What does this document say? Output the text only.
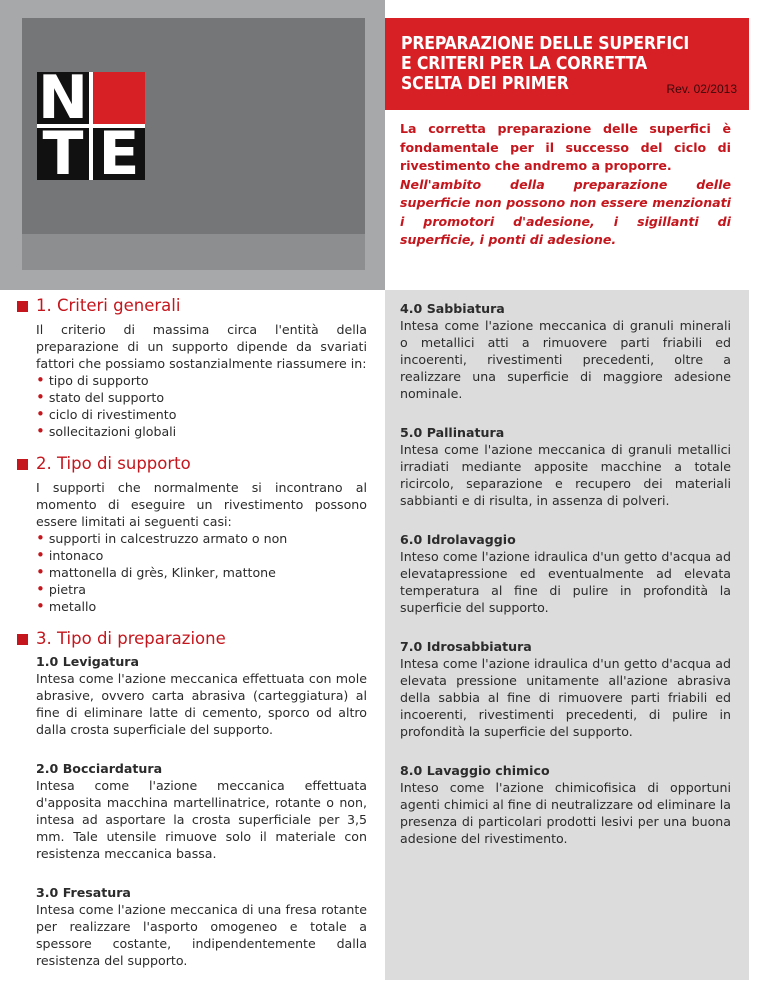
N
T E
PREPARAZIONE DELLE SUPERFICI
E CRITERI PER LA CORRETTA
SCELTA DEI PRIMER	Rev. 02/2013

La corretta preparazione delle superfici è fondamentale per il successo del ciclo di rivestimento che andremo a proporre.

Nell'ambito della preparazione delle superficie non possono non essere menzionati i promotori d'adesione, i sigillanti di superficie, i ponti di adesione.

1. Criteri generali

Il criterio di massima circa l'entità della preparazione di un supporto dipende da svariati fattori che possiamo sostanzialmente riassumere in:

• tipo di supporto
• stato del supporto
• ciclo di rivestimento
• sollecitazioni globali
2. Tipo di supporto

I supporti che normalmente si incontrano al momento di eseguire un rivestimento possono essere limitati ai seguenti casi:

• supporti in calcestruzzo armato o non
• intonaco
• mattonella di grès, Klinker, mattone
• pietra
• metallo
3. Tipo di preparazione
1.0 Levigatura
Intesa come l'azione meccanica effettuata con mole abrasive, ovvero carta abrasiva (carteggiatura) al fine di eliminare latte di cemento, sporco od altro dalla crosta superficiale del supporto.
2.0 Bocciardatura
Intesa come l'azione meccanica effettuata d'apposita macchina martellinatrice, rotante o non, intesa ad asportare la crosta superficiale per 3,5 mm. Tale utensile rimuove solo il materiale con resistenza meccanica bassa.
3.0 Fresatura
Intesa come l'azione meccanica di una fresa rotante per realizzare l'asporto omogeneo e totale a spessore costante, indipendentemente dalla resistenza del supporto.
4.0 Sabbiatura
Intesa come l'azione meccanica di granuli minerali o metallici atti a rimuovere parti friabili ed incoerenti, rivestimenti precedenti, oltre a realizzare una superficie di maggiore adesione nominale.
5.0 Pallinatura
Intesa come l'azione meccanica di granuli metallici irradiati mediante apposite macchine a totale ricircolo, separazione e recupero dei materiali sabbianti e di risulta, in assenza di polveri.
6.0 Idrolavaggio
Inteso come l'azione idraulica d'un getto d'acqua ad elevatapressione ed eventualmente ad elevata temperatura al fine di pulire in profondità la superficie del supporto.
7.0 Idrosabbiatura
Intesa come l'azione idraulica d'un getto d'acqua ad elevata pressione unitamente all'azione abrasiva della sabbia al fine di rimuovere parti friabili ed incoerenti, rivestimenti precedenti, di pulire in profondità la superficie del supporto.
8.0 Lavaggio chimico
Inteso come l'azione chimicofisica di opportuni agenti chimici al fine di neutralizzare od eliminare la presenza di particolari prodotti lesivi per una buona adesione del rivestimento.
